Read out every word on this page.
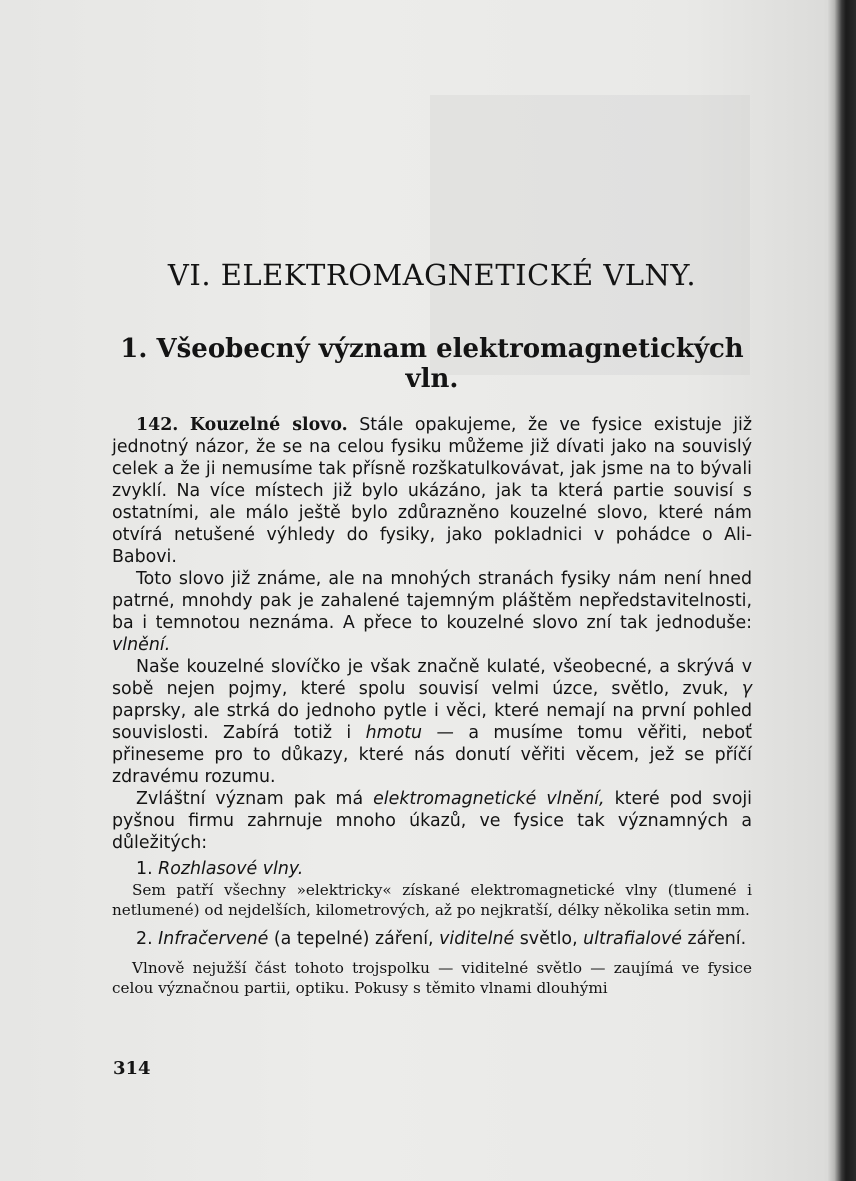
VI. ELEKTROMAGNETICKÉ VLNY.
1. Všeobecný význam elektromagnetických vln.

142. Kouzelné slovo. Stále opakujeme, že ve fysice existuje již jednotný názor, že se na celou fysiku můžeme již dívati jako na souvislý celek a že ji nemusíme tak přísně rozškatulkovávat, jak jsme na to bývali zvyklí. Na více místech již bylo ukázáno, jak ta která partie souvisí s ostatními, ale málo ještě bylo zdůrazněno kouzelné slovo, které nám otvírá netušené výhledy do fysiky, jako pokladnici v pohádce o Ali-Babovi.

Toto slovo již známe, ale na mnohých stranách fysiky nám není hned patrné, mnohdy pak je zahalené tajemným pláštěm nepředstavitelnosti, ba i temnotou neznáma. A přece to kouzelné slovo zní tak jednoduše: vlnění.

Naše kouzelné slovíčko je však značně kulaté, všeobecné, a skrývá v sobě nejen pojmy, které spolu souvisí velmi úzce, světlo, zvuk, γ paprsky, ale strká do jednoho pytle i věci, které nemají na první pohled souvislosti. Zabírá totiž i hmotu — a musíme tomu věřiti, neboť přineseme pro to důkazy, které nás donutí věřiti věcem, jež se příčí zdravému rozumu.

Zvláštní význam pak má elektromagnetické vlnění, které pod svoji pyšnou firmu zahrnuje mnoho úkazů, ve fysice tak významných a důležitých:

1. Rozhlasové vlny.

Sem patří všechny »elektricky« získané elektromagnetické vlny (tlumené i netlumené) od nejdelších, kilometrových, až po nejkratší, délky několika setin mm.

2. Infračervené (a tepelné) záření, viditelné světlo, ultrafialové záření.

Vlnově nejužší část tohoto trojspolku — viditelné světlo — zaujímá ve fysice celou význačnou partii, optiku. Pokusy s těmito vlnami dlouhými

314
